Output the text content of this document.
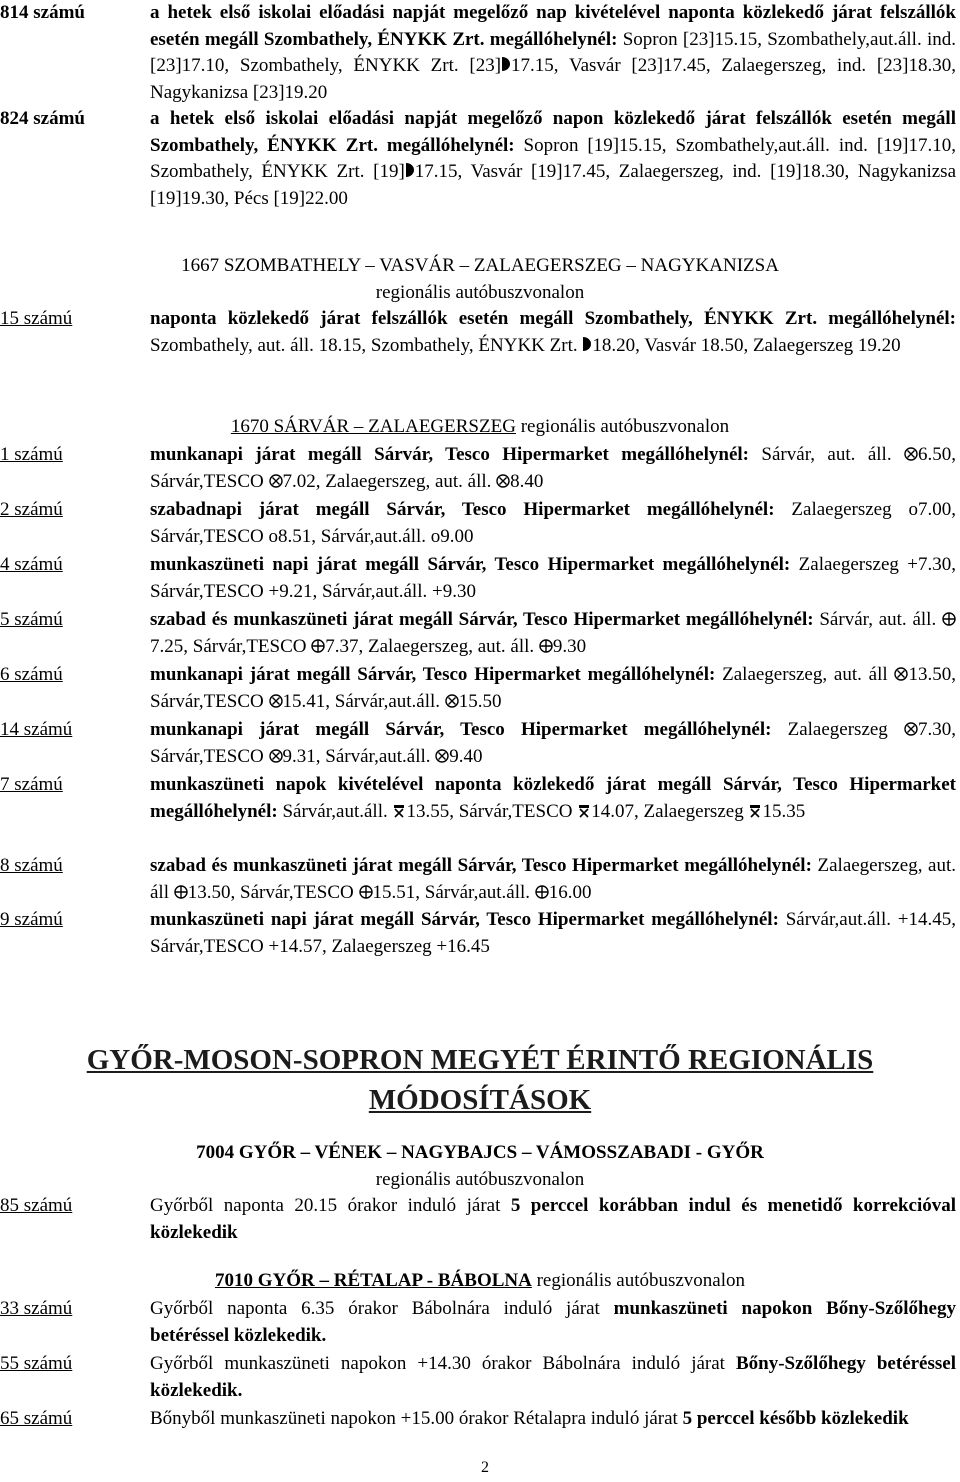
814 számú	a hetek első iskolai előadási napját megelőző nap kivételével naponta közlekedő járat felszállók esetén megáll Szombathely, ÉNYKK Zrt. megállóhelynél: Sopron [23]15.15, Szombathely,aut.áll. ind. [23]17.10, Szombathely, ÉNYKK Zrt. [23] 17.15, Vasvár [23]17.45, Zalaegerszeg, ind. [23]18.30, Nagykanizsa [23]19.20
824 számú	a hetek első iskolai előadási napját megelőző napon közlekedő járat felszállók esetén megáll Szombathely, ÉNYKK Zrt. megállóhelynél: Sopron [19]15.15, Szombathely,aut.áll. ind. [19]17.10, Szombathely, ÉNYKK Zrt. [19] 17.15, Vasvár [19]17.45, Zalaegerszeg, ind. [19]18.30, Nagykanizsa [19]19.30, Pécs [19]22.00
1667 SZOMBATHELY – VASVÁR – ZALAEGERSZEG – NAGYKANIZSA
regionális autóbuszvonalon
15 számú	naponta közlekedő járat felszállók esetén megáll Szombathely, ÉNYKK Zrt. megállóhelynél: Szombathely, aut. áll. 18.15, Szombathely, ÉNYKK Zrt. 18.20, Vasvár 18.50, Zalaegerszeg 19.20
1670 SÁRVÁR – ZALAEGERSZEG regionális autóbuszvonalon
1 számú	munkanapi járat megáll Sárvár, Tesco Hipermarket megállóhelynél: Sárvár, aut. áll. 6.50, Sárvár,TESCO 7.02, Zalaegerszeg, aut. áll. 8.40
2 számú	szabadnapi járat megáll Sárvár, Tesco Hipermarket megállóhelynél: Zalaegerszeg o7.00, Sárvár,TESCO o8.51, Sárvár,aut.áll. o9.00
4 számú	munkaszüneti napi járat megáll Sárvár, Tesco Hipermarket megállóhelynél: Zalaegerszeg +7.30, Sárvár,TESCO +9.21, Sárvár,aut.áll. +9.30
5 számú	szabad és munkaszüneti járat megáll Sárvár, Tesco Hipermarket megállóhelynél: Sárvár, aut. áll. 7.25, Sárvár,TESCO 7.37, Zalaegerszeg, aut. áll. 9.30
6 számú	munkanapi járat megáll Sárvár, Tesco Hipermarket megállóhelynél: Zalaegerszeg, aut. áll 13.50, Sárvár,TESCO 15.41, Sárvár,aut.áll. 15.50
14 számú	munkanapi járat megáll Sárvár, Tesco Hipermarket megállóhelynél: Zalaegerszeg 7.30, Sárvár,TESCO 9.31, Sárvár,aut.áll. 9.40
7 számú	munkaszüneti napok kivételével naponta közlekedő járat megáll Sárvár, Tesco Hipermarket megállóhelynél: Sárvár,aut.áll. 13.55, Sárvár,TESCO 14.07, Zalaegerszeg 15.35
8 számú	szabad és munkaszüneti járat megáll Sárvár, Tesco Hipermarket megállóhelynél: Zalaegerszeg, aut. áll 13.50, Sárvár,TESCO 15.51, Sárvár,aut.áll. 16.00
9 számú	munkaszüneti napi járat megáll Sárvár, Tesco Hipermarket megállóhelynél: Sárvár,aut.áll. +14.45, Sárvár,TESCO +14.57, Zalaegerszeg +16.45
GYŐR-MOSON-SOPRON MEGYÉT ÉRINTŐ REGIONÁLIS
MÓDOSÍTÁSOK
7004 GYŐR – VÉNEK – NAGYBAJCS – VÁMOSSZABADI - GYŐR
regionális autóbuszvonalon
85 számú	Győrből naponta 20.15 órakor induló járat 5 perccel korábban indul és menetidő korrekcióval közlekedik
7010 GYŐR – RÉTALAP - BÁBOLNA regionális autóbuszvonalon
33 számú	Győrből naponta 6.35 órakor Bábolnára induló járat munkaszüneti napokon Bőny-Szőlőhegy betéréssel közlekedik.
55 számú	Győrből munkaszüneti napokon +14.30 órakor Bábolnára induló járat Bőny-Szőlőhegy betéréssel közlekedik.
65 számú	Bőnyből munkaszüneti napokon +15.00 órakor Rétalapra induló járat 5 perccel később közlekedik
2
